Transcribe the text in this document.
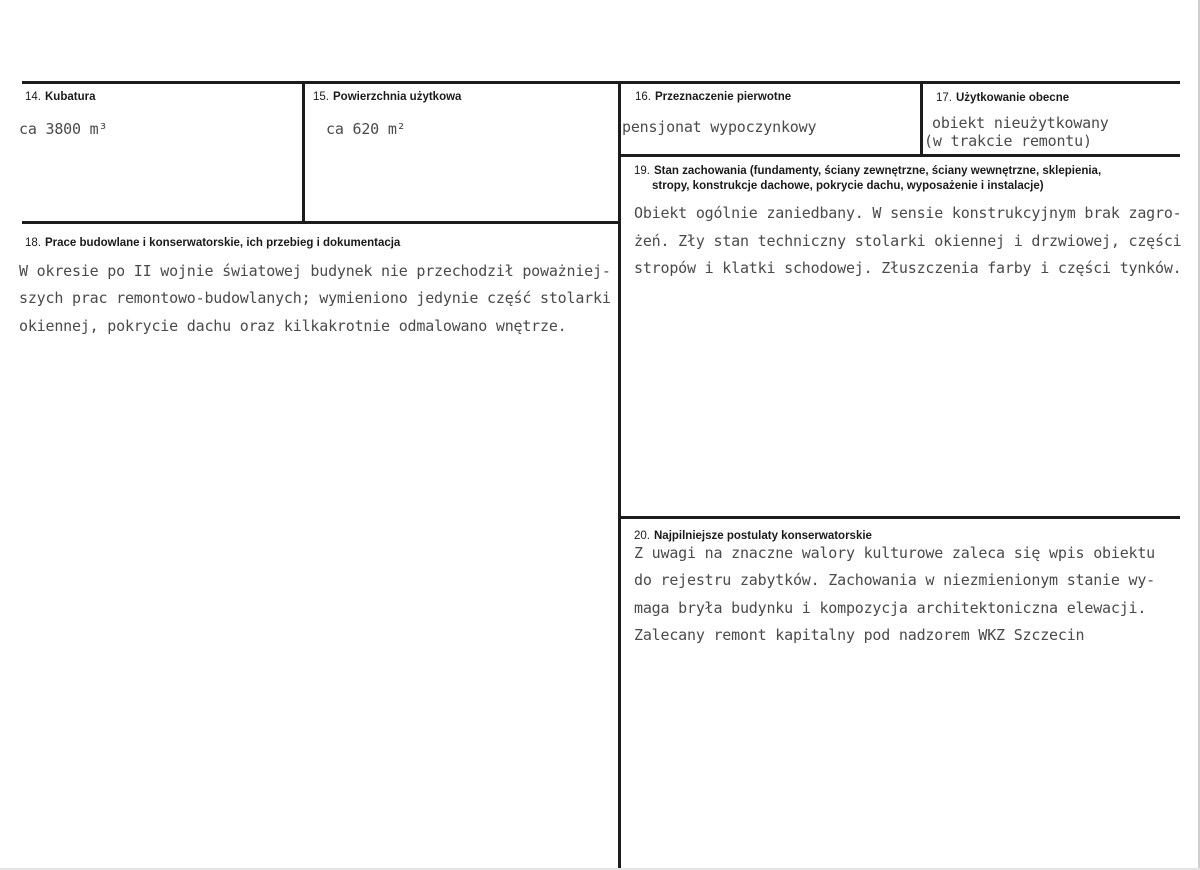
14. Kubatura
ca 3800 m³
15. Powierzchnia użytkowa
ca 620 m²
16. Przeznaczenie pierwotne
pensjonat wypoczynkowy
17. Użytkowanie obecne
obiekt nieużytkowany
(w trakcie remontu)
18. Prace budowlane i konserwatorskie, ich przebieg i dokumentacja
W okresie po II wojnie światowej budynek nie przechodził poważniej-
szych prac remontowo-budowlanych; wymieniono jedynie część stolarki
okiennej, pokrycie dachu oraz kilkakrotnie odmalowano wnętrze.
19. Stan zachowania (fundamenty, ściany zewnętrzne, ściany wewnętrzne, sklepienia,
stropy, konstrukcje dachowe, pokrycie dachu, wyposażenie i instalacje)
Obiekt ogólnie zaniedbany. W sensie konstrukcyjnym brak zagro-
żeń. Zły stan techniczny stolarki okiennej i drzwiowej, części
stropów i klatki schodowej. Złuszczenia farby i części tynków.
20. Najpilniejsze postulaty konserwatorskie
Z uwagi na znaczne walory kulturowe zaleca się wpis obiektu
do rejestru zabytków. Zachowania w niezmienionym stanie wy-
maga bryła budynku i kompozycja architektoniczna elewacji.
Zalecany remont kapitalny pod nadzorem WKZ Szczecin
